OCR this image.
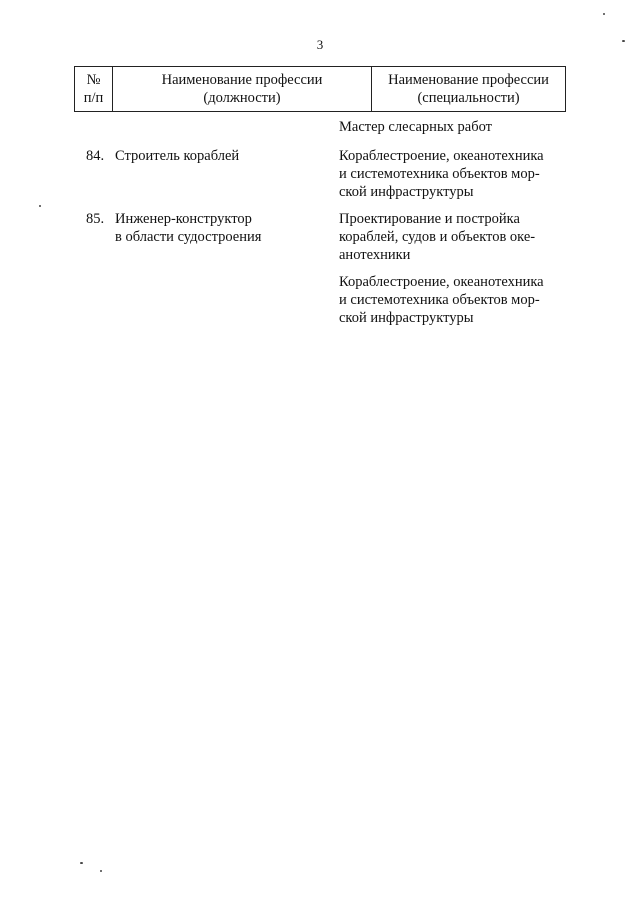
3
№
п/п
Наименование профессии
(должности)
Наименование профессии
(специальности)
Мастер слесарных работ
84. Строитель кораблей	Кораблестроение, океанотехника
и системотехника объектов мор-
ской инфраструктуры
85. Инженер-конструктор
в области судостроения
Проектирование и постройка
кораблей, судов и объектов оке-
анотехники
Кораблестроение, океанотехника
и системотехника объектов мор-
ской инфраструктуры
